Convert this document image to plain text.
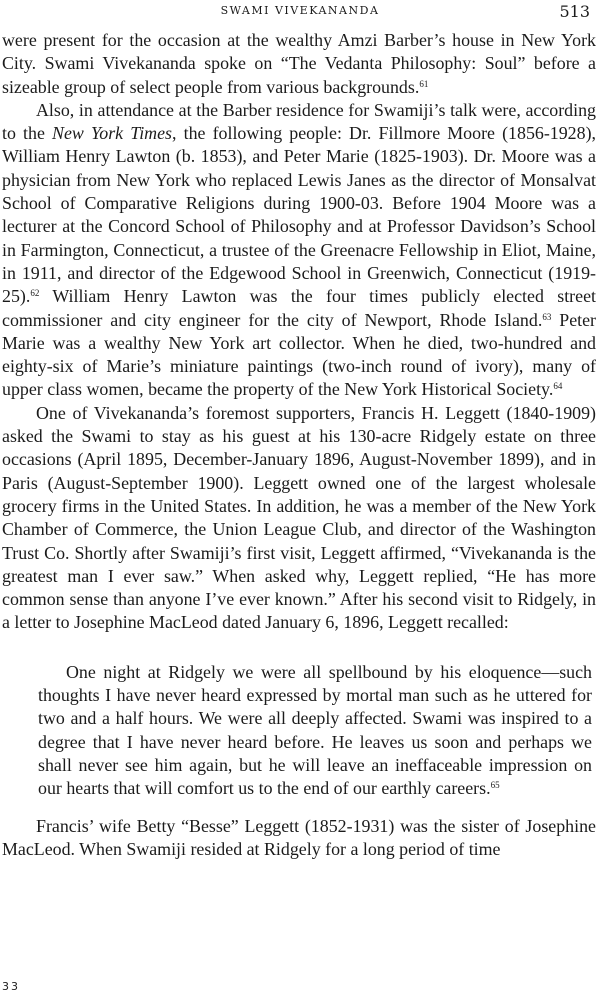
SWAMI VIVEKANANDA	513

were present for the occasion at the wealthy Amzi Barber’s house in New York City. Swami Vivekananda spoke on “The Vedanta Philosophy: Soul” before a sizeable group of select people from various backgrounds.$^{61}$

Also, in attendance at the Barber residence for Swamiji’s talk were, according to the New York Times, the following people: Dr. Fillmore Moore (1856-1928), William Henry Lawton (b. 1853), and Peter Marie (1825-1903). Dr. Moore was a physician from New York who replaced Lewis Janes as the director of Monsalvat School of Comparative Religions during 1900-03. Before 1904 Moore was a lecturer at the Concord School of Philosophy and at Professor Davidson’s School in Farmington, Connecticut, a trustee of the Greenacre Fellowship in Eliot, Maine, in 1911, and director of the Edgewood School in Greenwich, Connecticut (1919-25).$^{62}$ William Henry Lawton was the four times publicly elected street commissioner and city engineer for the city of Newport, Rhode Island.$^{63}$ Peter Marie was a wealthy New York art collector. When he died, two-hundred and eighty-six of Marie’s miniature paintings (two-inch round of ivory), many of upper class women, became the property of the New York Historical Society.$^{64}$

One of Vivekananda’s foremost supporters, Francis H. Leggett (1840-1909) asked the Swami to stay as his guest at his 130-acre Ridgely estate on three occasions (April 1895, December-January 1896, August-November 1899), and in Paris (August-September 1900). Leggett owned one of the largest wholesale grocery firms in the United States. In addition, he was a member of the New York Chamber of Commerce, the Union League Club, and director of the Washington Trust Co. Shortly after Swamiji’s first visit, Leggett affirmed, “Vivekananda is the greatest man I ever saw.” When asked why, Leggett replied, “He has more common sense than anyone I’ve ever known.” After his second visit to Ridgely, in a letter to Josephine MacLeod dated January 6, 1896, Leggett recalled:

One night at Ridgely we were all spellbound by his eloquence—such thoughts I have never heard expressed by mortal man such as he uttered for two and a half hours. We were all deeply affected. Swami was inspired to a degree that I have never heard before. He leaves us soon and perhaps we shall never see him again, but he will leave an ineffaceable impression on our hearts that will comfort us to the end of our earthly careers.$^{65}$

Francis’ wife Betty “Besse” Leggett (1852-1931) was the sister of Josephine MacLeod. When Swamiji resided at Ridgely for a long period of time

33
